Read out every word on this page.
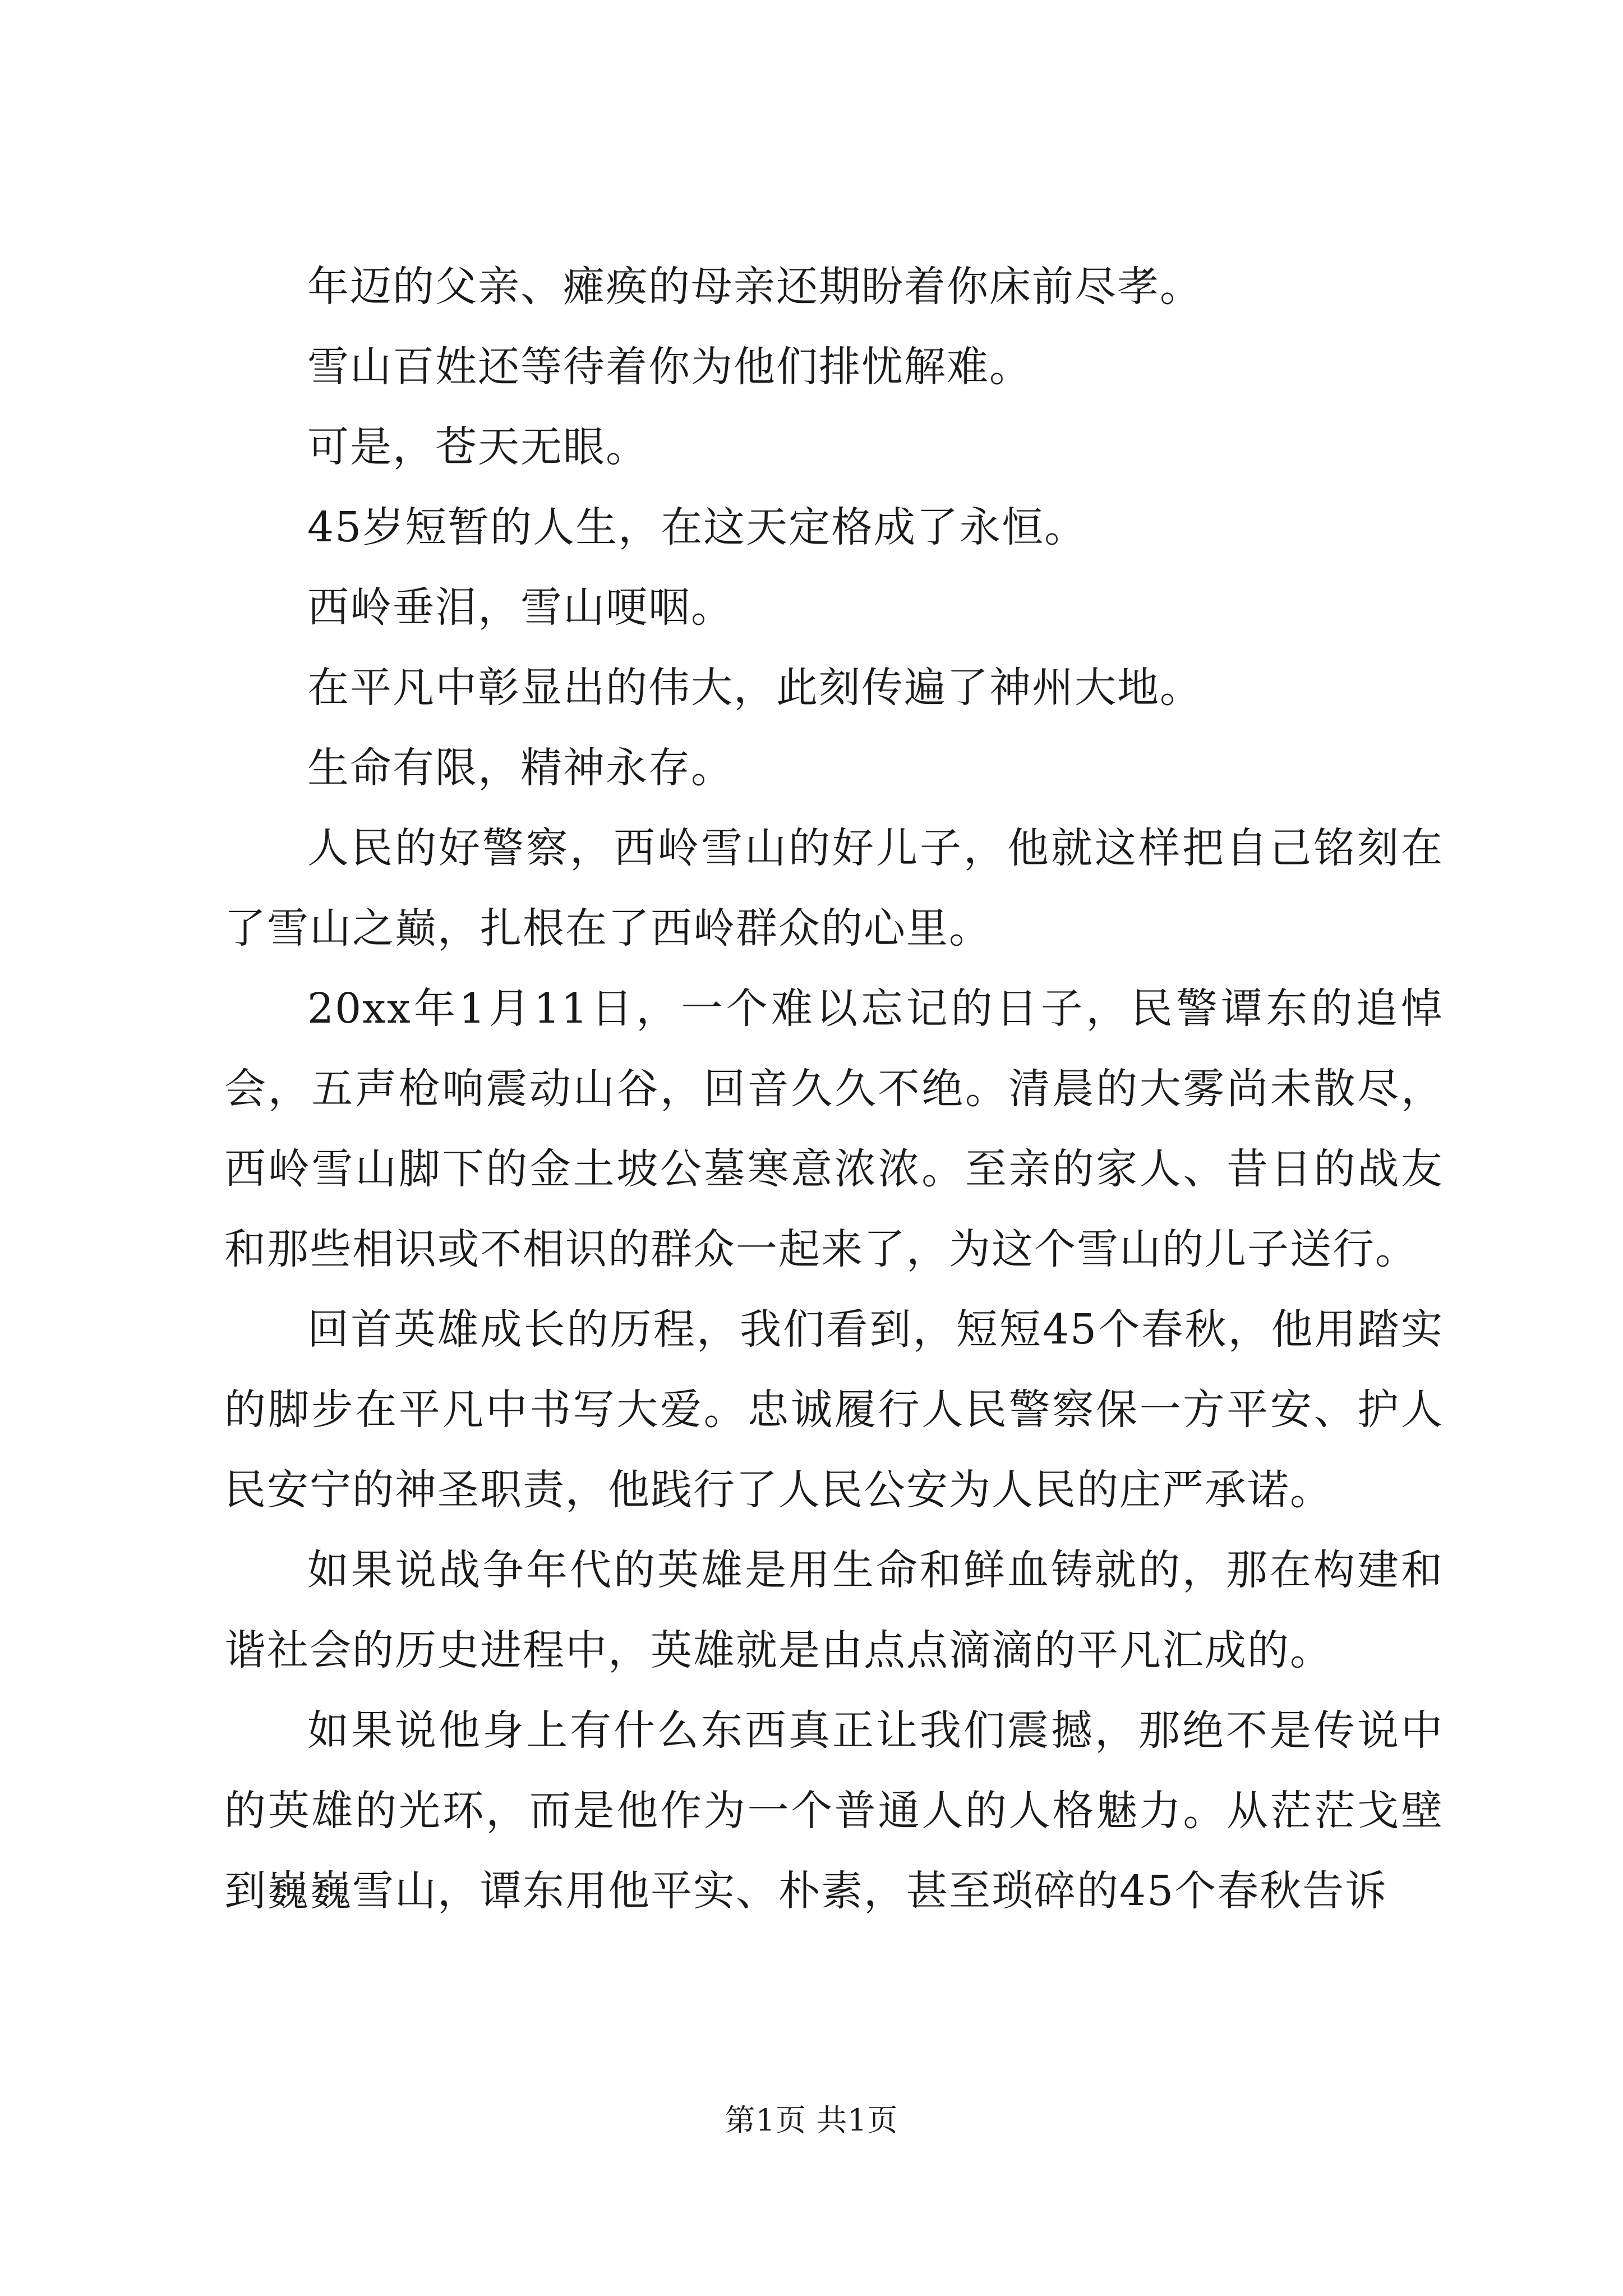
年迈的父亲、瘫痪的母亲还期盼着你床前尽孝。

雪山百姓还等待着你为他们排忧解难。

可是，苍天无眼。

45岁短暂的人生，在这天定格成了永恒。

西岭垂泪，雪山哽咽。

在平凡中彰显出的伟大，此刻传遍了神州大地。

生命有限，精神永存。

人民的好警察，西岭雪山的好儿子，他就这样把自己铭刻在了雪山之巅，扎根在了西岭群众的心里。

20xx年1月11日，一个难以忘记的日子，民警谭东的追悼会，五声枪响震动山谷，回音久久不绝。清晨的大雾尚未散尽，西岭雪山脚下的金土坡公墓寒意浓浓。至亲的家人、昔日的战友和那些相识或不相识的群众一起来了，为这个雪山的儿子送行。

回首英雄成长的历程，我们看到，短短45个春秋，他用踏实的脚步在平凡中书写大爱。忠诚履行人民警察保一方平安、护人民安宁的神圣职责，他践行了人民公安为人民的庄严承诺。

如果说战争年代的英雄是用生命和鲜血铸就的，那在构建和谐社会的历史进程中，英雄就是由点点滴滴的平凡汇成的。

如果说他身上有什么东西真正让我们震撼，那绝不是传说中的英雄的光环，而是他作为一个普通人的人格魅力。从茫茫戈壁到巍巍雪山，谭东用他平实、朴素，甚至琐碎的45个春秋告诉

第1页 共1页
